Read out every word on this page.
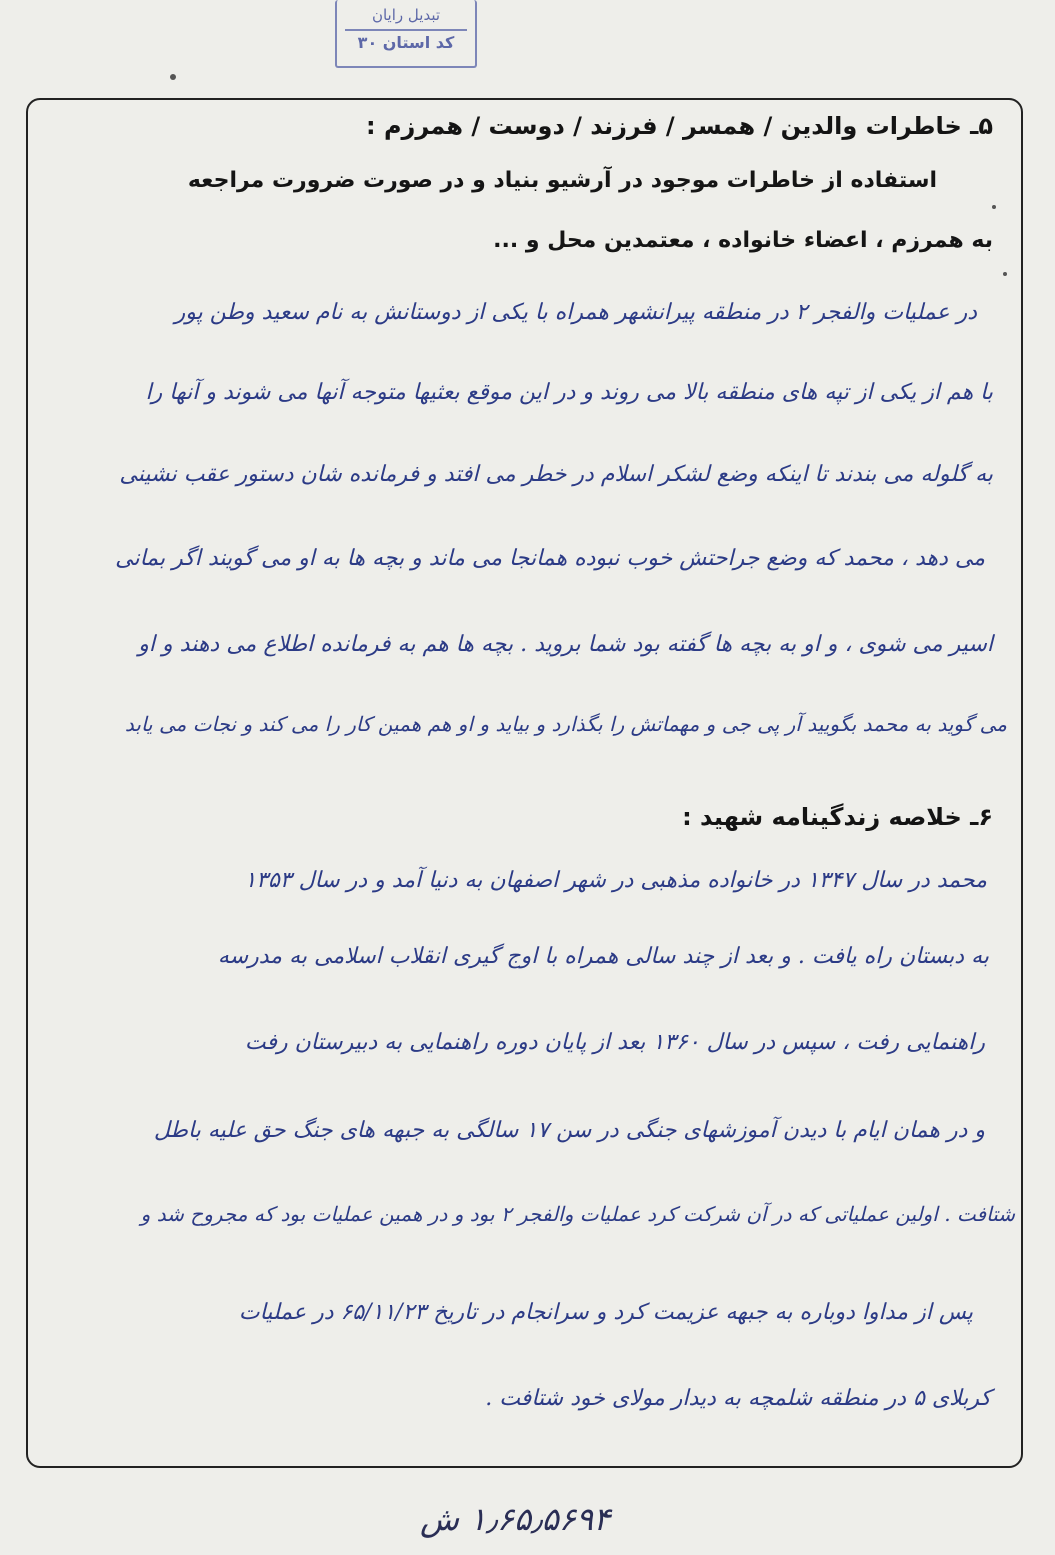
تبدیل رایان
کد استان ۳۰
۵ـ خاطرات والدین / همسر / فرزند / دوست / همرزم :
استفاده از خاطرات موجود در آرشیو بنیاد و در صورت ضرورت مراجعه
به همرزم ، اعضاء خانواده ، معتمدین محل و ...
در عملیات والفجر ۲ در منطقه پیرانشهر همراه با یکی از دوستانش به نام سعید وطن پور
با هم از یکی از تپه های منطقه بالا می روند و در این موقع بعثیها متوجه آنها می شوند و آنها را
به گلوله می بندند تا اینکه وضع لشکر اسلام در خطر می افتد و فرمانده شان دستور عقب نشینی
می دهد ، محمد که وضع جراحتش خوب نبوده همانجا می ماند و بچه ها به او می گویند اگر بمانی
اسیر می شوی ، و او به بچه ها گفته بود شما بروید . بچه ها هم به فرمانده اطلاع می دهند و او
می گوید به محمد بگویید آر پی جی و مهماتش را بگذارد و بیاید و او هم همین کار را می کند و نجات می یابد
۶ـ خلاصه زندگینامه شهید :
محمد در سال ۱۳۴۷ در خانواده مذهبی در شهر اصفهان به دنیا آمد و در سال ۱۳۵۳
به دبستان راه یافت . و بعد از چند سالی همراه با اوج گیری انقلاب اسلامی به مدرسه
راهنمایی رفت ، سپس در سال ۱۳۶۰ بعد از پایان دوره راهنمایی به دبیرستان رفت
و در همان ایام با دیدن آموزشهای جنگی در سن ۱۷ سالگی به جبهه های جنگ حق علیه باطل
شتافت . اولین عملیاتی که در آن شرکت کرد عملیات والفجر ۲ بود و در همین عملیات بود که مجروح شد و
پس از مداوا دوباره به جبهه عزیمت کرد و سرانجام در تاریخ ۶۵/۱۱/۲۳ در عملیات
کربلای ۵ در منطقه شلمچه به دیدار مولای خود شتافت .
۱٫۶۵٫۵۶۹۴ ش
